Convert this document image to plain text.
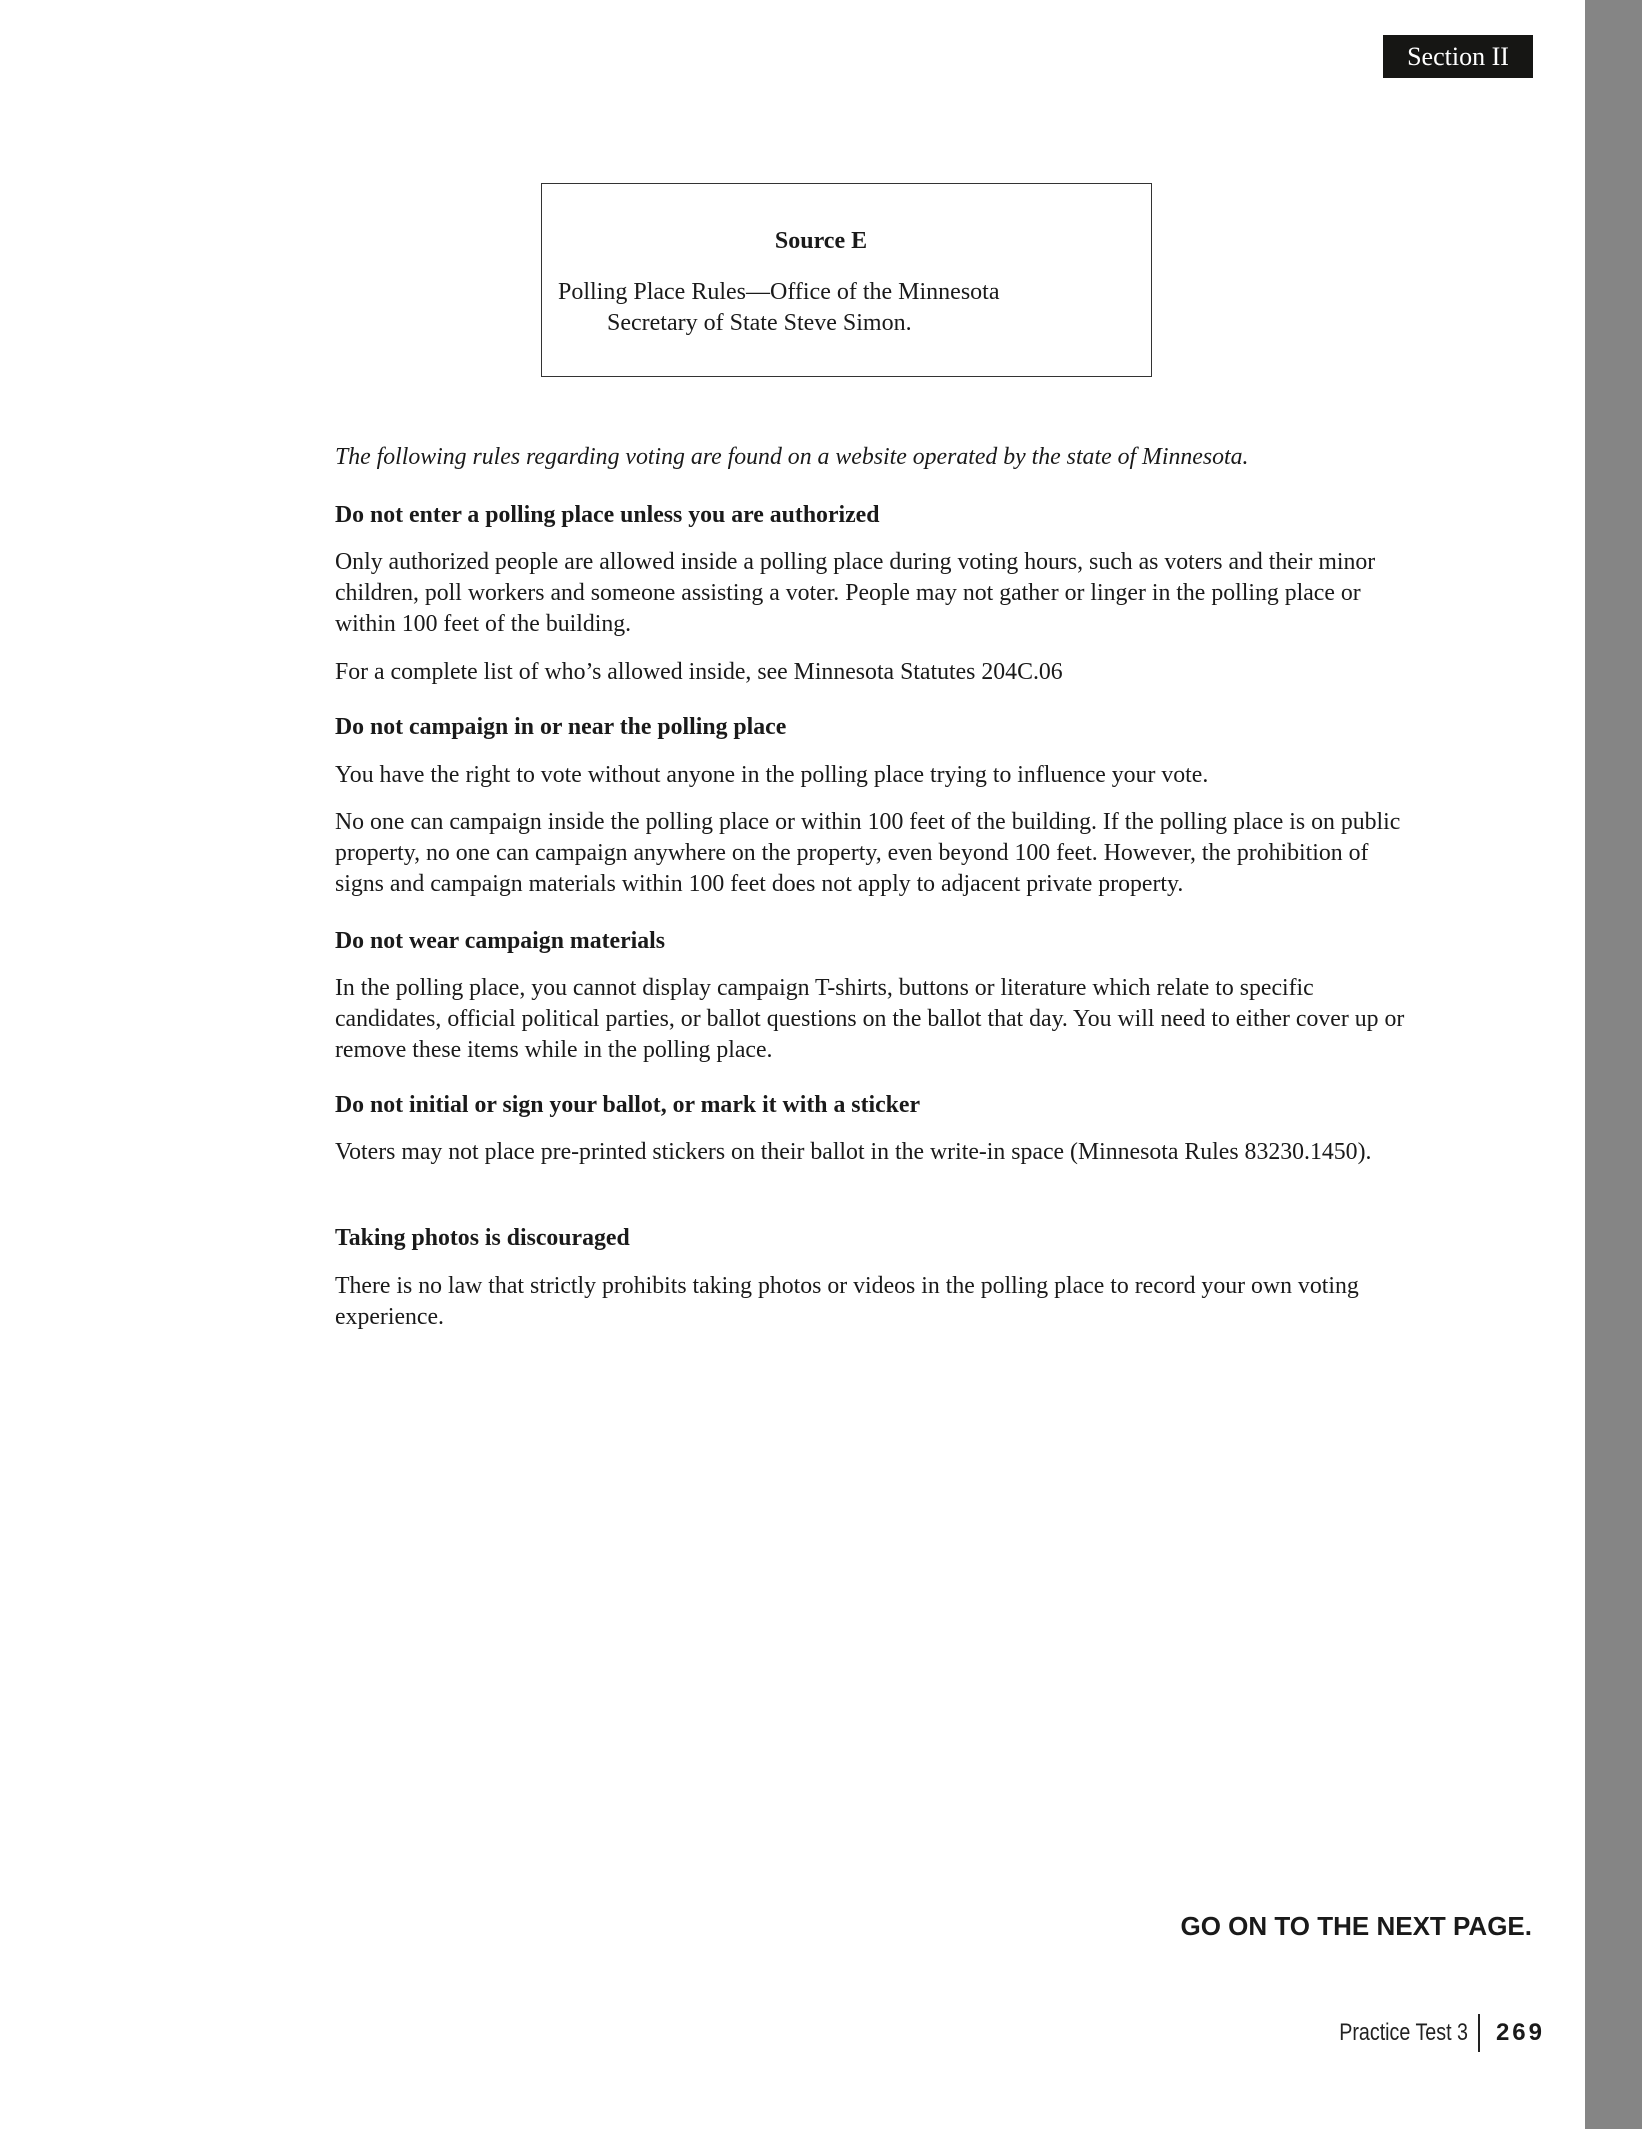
Section II
Source E
Polling Place Rules—Office of the Minnesota
Secretary of State Steve Simon.

The following rules regarding voting are found on a website operated by the state of Minnesota.

Do not enter a polling place unless you are authorized

Only authorized people are allowed inside a polling place during voting hours, such as voters and their minor children, poll workers and someone assisting a voter. People may not gather or linger in the polling place or within 100 feet of the building.

For a complete list of who’s allowed inside, see Minnesota Statutes 204C.06

Do not campaign in or near the polling place

You have the right to vote without anyone in the polling place trying to influence your vote.

No one can campaign inside the polling place or within 100 feet of the building. If the polling place is on public property, no one can campaign anywhere on the property, even beyond 100 feet. However, the prohibition of signs and campaign materials within 100 feet does not apply to adjacent private property.

Do not wear campaign materials

In the polling place, you cannot display campaign T-shirts, buttons or literature which relate to specific candidates, official political parties, or ballot questions on the ballot that day. You will need to either cover up or remove these items while in the polling place.

Do not initial or sign your ballot, or mark it with a sticker

Voters may not place pre-printed stickers on their ballot in the write-in space (Minnesota Rules 83230.1450).

Taking photos is discouraged

There is no law that strictly prohibits taking photos or videos in the polling place to record your own voting experience.

GO ON TO THE NEXT PAGE.
Practice Test 3 269
